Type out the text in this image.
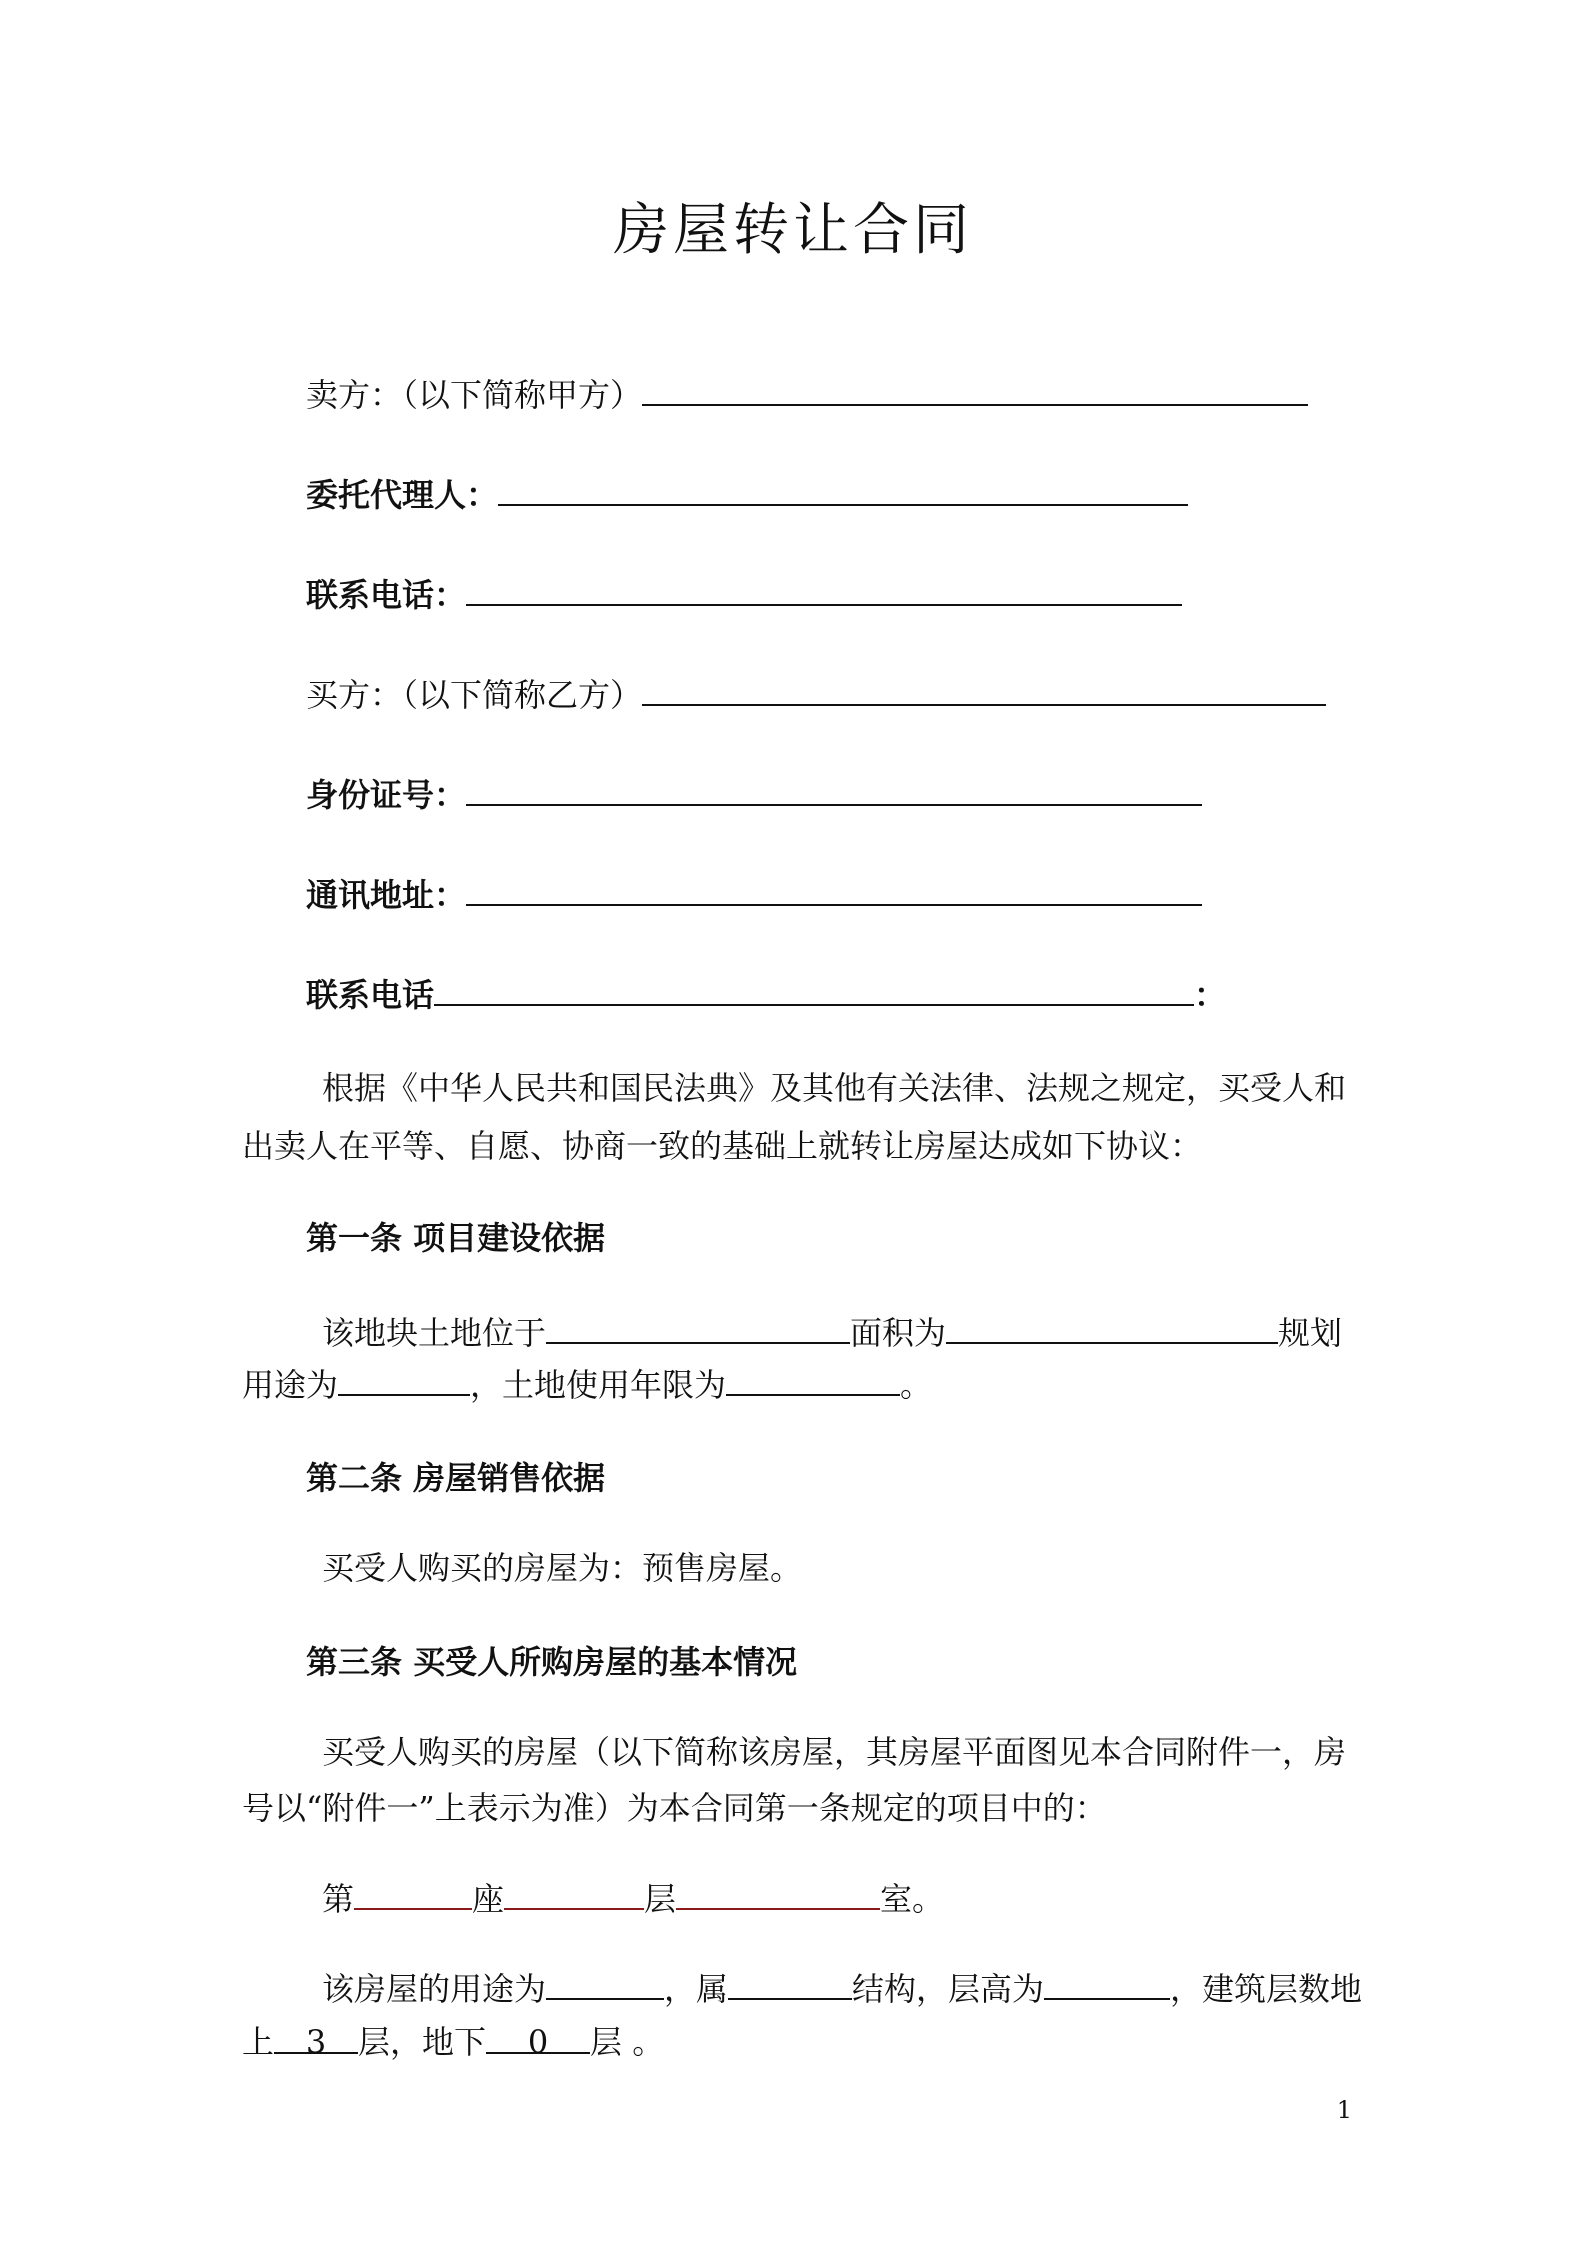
房屋转让合同
卖方：（以下简称甲方）
委托代理人：
联系电话：
买方：（以下简称乙方）
身份证号：
通讯地址：
联系电话	：
根据《中华人民共和国民法典》及其他有关法律、法规之规定，买受人和
出卖人在平等、自愿、协商一致的基础上就转让房屋达成如下协议：
第一条 项目建设依据
该地块土地位于	面积为	规划
用途为	，土地使用年限为	。
第二条 房屋销售依据
买受人购买的房屋为：预售房屋。
第三条 买受人所购房屋的基本情况
买受人购买的房屋（以下简称该房屋，其房屋平面图见本合同附件一，房
号以“附件一”上表示为准）为本合同第一条规定的项目中的：
第	座	层	室。
该房屋的用途为	，属	结构，层高为	，建筑层数地
上 3 层，地下 0 层 。
1
